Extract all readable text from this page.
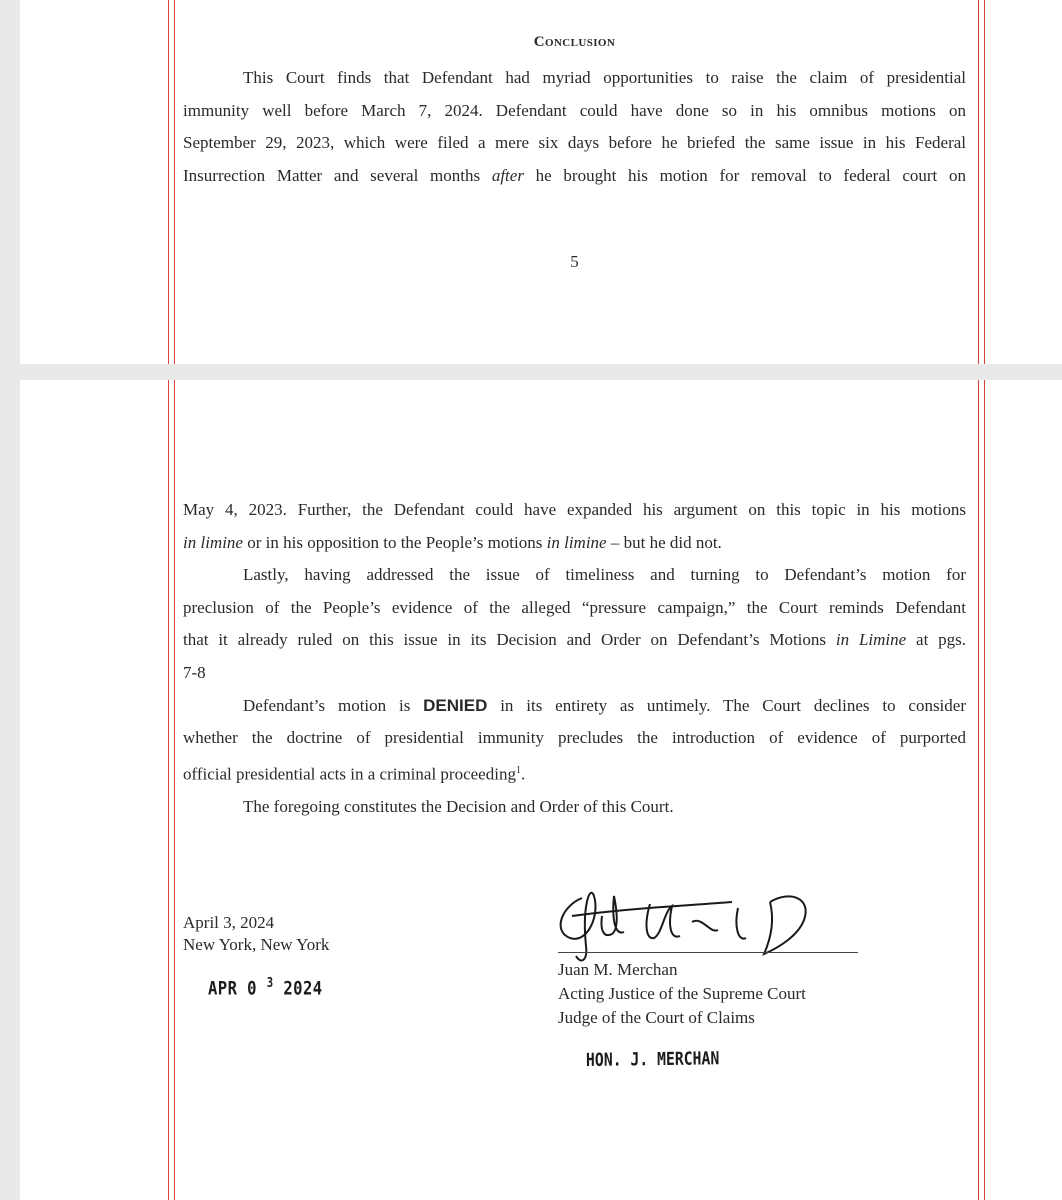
Conclusion
This Court finds that Defendant had myriad opportunities to raise the claim of presidential
immunity well before March 7, 2024. Defendant could have done so in his omnibus motions on
September 29, 2023, which were filed a mere six days before he briefed the same issue in his Federal
Insurrection Matter and several months after he brought his motion for removal to federal court on
5
May 4, 2023. Further, the Defendant could have expanded his argument on this topic in his motions
in limine or in his opposition to the People’s motions in limine – but he did not.
Lastly, having addressed the issue of timeliness and turning to Defendant’s motion for
preclusion of the People’s evidence of the alleged “pressure campaign,” the Court reminds Defendant
that it already ruled on this issue in its Decision and Order on Defendant’s Motions in Limine at pgs.
7-8
Defendant’s motion is DENIED in its entirety as untimely. The Court declines to consider
whether the doctrine of presidential immunity precludes the introduction of evidence of purported
official presidential acts in a criminal proceeding$^1$.
The foregoing constitutes the Decision and Order of this Court.
April 3, 2024
New York, New York
APR 0 $^3$ 2024
Juan M. Merchan
Acting Justice of the Supreme Court
Judge of the Court of Claims
HON. J. MERCHAN
